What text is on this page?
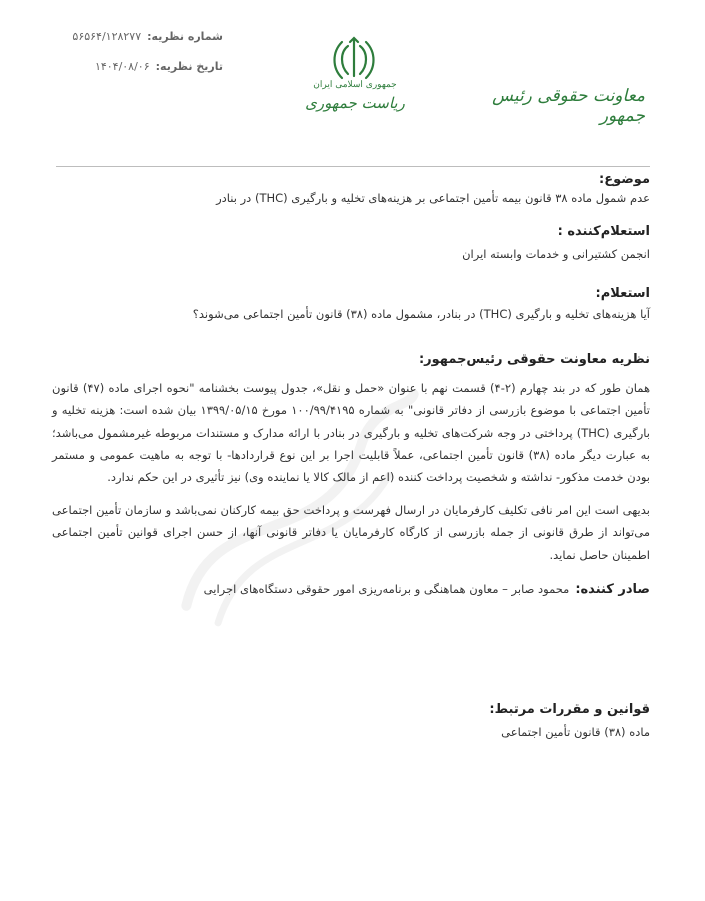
شماره نظریه:۵۶۵۶۴/۱۲۸۲۷۷
تاریخ نظریه:۱۴۰۴/۰۸/۰۶
جمهوری اسلامی ایران
ریاست جمهوری	معاونت حقوقی رئیس جمهور
موضوع:
عدم شمول ماده ۳۸ قانون بیمه تأمین اجتماعی بر هزینه‌های تخلیه و بارگیری (THC) در بنادر
استعلام‌کننده :
انجمن کشتیرانی و خدمات وابسته ایران
استعلام:
آیا هزینه‌های تخلیه و بارگیری (THC) در بنادر، مشمول ماده (۳۸) قانون تأمین اجتماعی می‌شوند؟
نظریه معاونت حقوقی رئیس‌جمهور:
همان طور که در بند چهارم (۲-۴) قسمت نهم با عنوان «حمل و نقل»، جدول پیوست بخشنامه "نحوه اجرای ماده (۴۷) قانون تأمین اجتماعی با موضوع بازرسی از دفاتر قانونی" به شماره ۱۰۰/۹۹/۴۱۹۵ مورخ ۱۳۹۹/۰۵/۱۵ بیان شده است: هزینه تخلیه و بارگیری (THC) پرداختی در وجه شرکت‌های تخلیه و بارگیری در بنادر با ارائه مدارک و مستندات مربوطه غیرمشمول می‌باشد؛ به عبارت دیگر ماده (۳۸) قانون تأمین اجتماعی، عملاً قابلیت اجرا بر این نوع قراردادها- با توجه به ماهیت عمومی و مستمر بودن خدمت مذکور- نداشته و شخصیت پرداخت کننده (اعم از مالک کالا یا نماینده وی) نیز تأثیری در این حکم ندارد.
بدیهی است این امر نافی تکلیف کارفرمایان در ارسال فهرست و پرداخت حق بیمه کارکنان نمی‌باشد و سازمان تأمین اجتماعی می‌تواند از طرق قانونی از جمله بازرسی از کارگاه کارفرمایان یا دفاتر قانونی آنها، از حسن اجرای قوانین تأمین اجتماعی اطمینان حاصل نماید.
صادر کننده:محمود صابر – معاون هماهنگی و برنامه‌ریزی امور حقوقی دستگاه‌های اجرایی
قوانین و مقررات مرتبط:
ماده (۳۸) قانون تأمین اجتماعی
